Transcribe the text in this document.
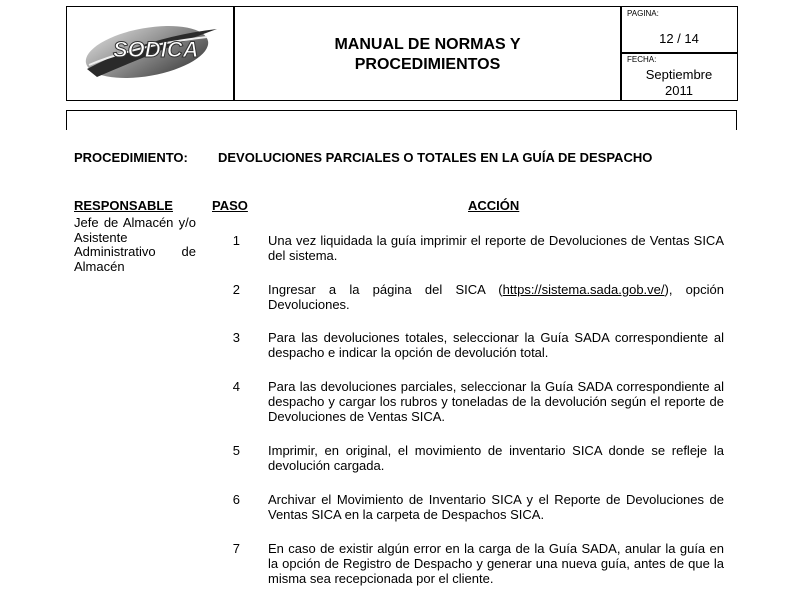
SODICA	MANUAL DE NORMAS Y
PROCEDIMIENTOS
PAGINA:
12 / 14
FECHA:
Septiembre
2011
PROCEDIMIENTO: DEVOLUCIONES PARCIALES O TOTALES EN LA GUÍA DE DESPACHO
RESPONSABLE	PASO	ACCIÓN
Jefe de Almacén y/o Asistente Administrativo de Almacén
1 Una vez liquidada la guía imprimir el reporte de Devoluciones de Ventas SICA del sistema.
2 Ingresar a la página del SICA (https://sistema.sada.gob.ve/), opción Devoluciones.
3 Para las devoluciones totales, seleccionar la Guía SADA correspondiente al despacho e indicar la opción de devolución total.
4 Para las devoluciones parciales, seleccionar la Guía SADA correspondiente al despacho y cargar los rubros y toneladas de la devolución según el reporte de Devoluciones de Ventas SICA.
5 Imprimir, en original, el movimiento de inventario SICA donde se refleje la devolución cargada.
6 Archivar el Movimiento de Inventario SICA y el Reporte de Devoluciones de Ventas SICA en la carpeta de Despachos SICA.
7 En caso de existir algún error en la carga de la Guía SADA, anular la guía en la opción de Registro de Despacho y generar una nueva guía, antes de que la misma sea recepcionada por el cliente.
